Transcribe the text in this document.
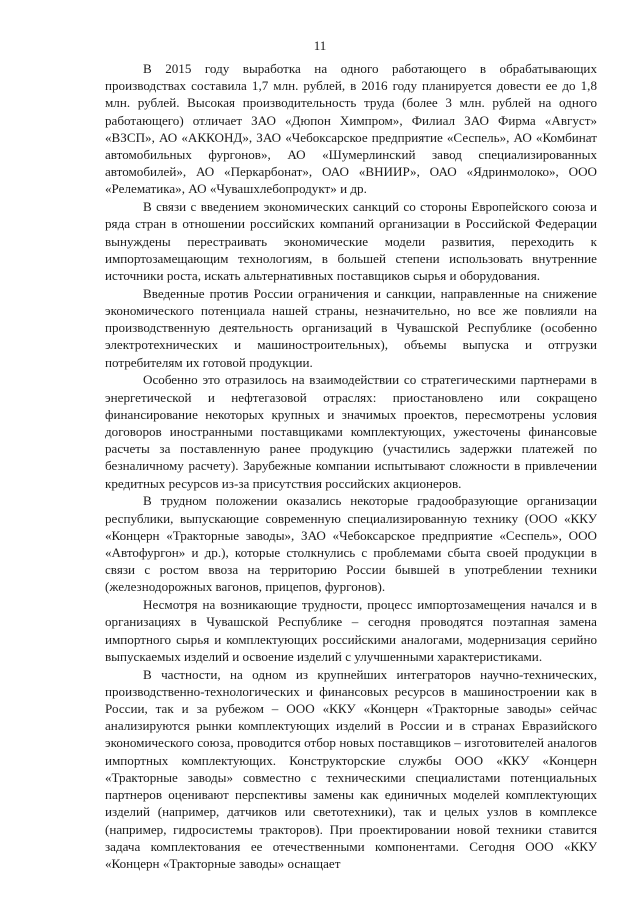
11

В 2015 году выработка на одного работающего в обрабатывающих производствах составила 1,7 млн. рублей, в 2016 году планируется довести ее до 1,8 млн. рублей. Высокая производительность труда (более 3 млн. рублей на одного работающего) отличает ЗАО «Дюпон Химпром», Филиал ЗАО Фирма «Август» «ВЗСП», АО «АККОНД», ЗАО «Чебоксарское предприятие «Сеспель», АО «Комбинат автомобильных фургонов», АО «Шумерлинский завод специализированных автомобилей», АО «Перкарбонат», ОАО «ВНИИР», ОАО «Ядринмолоко», ООО «Релематика», АО «Чувашхлебопродукт» и др.

В связи с введением экономических санкций со стороны Европейского союза и ряда стран в отношении российских компаний организации в Российской Федерации вынуждены перестраивать экономические модели развития, переходить к импортозамещающим технологиям, в большей степени использовать внутренние источники роста, искать альтернативных поставщиков сырья и оборудования.

Введенные против России ограничения и санкции, направленные на снижение экономического потенциала нашей страны, незначительно, но все же повлияли на производственную деятельность организаций в Чувашской Республике (особенно электротехнических и машиностроительных), объемы выпуска и отгрузки потребителям их готовой продукции.

Особенно это отразилось на взаимодействии со стратегическими партнерами в энергетической и нефтегазовой отраслях: приостановлено или сокращено финансирование некоторых крупных и значимых проектов, пересмотрены условия договоров иностранными поставщиками комплектующих, ужесточены финансовые расчеты за поставленную ранее продукцию (участились задержки платежей по безналичному расчету). Зарубежные компании испытывают сложности в привлечении кредитных ресурсов из-за присутствия российских акционеров.

В трудном положении оказались некоторые градообразующие организации республики, выпускающие современную специализированную технику (ООО «ККУ «Концерн «Тракторные заводы», ЗАО «Чебоксарское предприятие «Сеспель», ООО «Автофургон» и др.), которые столкнулись с проблемами сбыта своей продукции в связи с ростом ввоза на территорию России бывшей в употреблении техники (железнодорожных вагонов, прицепов, фургонов).

Несмотря на возникающие трудности, процесс импортозамещения начался и в организациях в Чувашской Республике – сегодня проводятся поэтапная замена импортного сырья и комплектующих российскими аналогами, модернизация серийно выпускаемых изделий и освоение изделий с улучшенными характеристиками.

В частности, на одном из крупнейших интеграторов научно-технических, производственно-технологических и финансовых ресурсов в машиностроении как в России, так и за рубежом – ООО «ККУ «Концерн «Тракторные заводы» сейчас анализируются рынки комплектующих изделий в России и в странах Евразийского экономического союза, проводится отбор новых поставщиков – изготовителей аналогов импортных комплектующих. Конструкторские службы ООО «ККУ «Концерн «Тракторные заводы» совместно с техническими специалистами потенциальных партнеров оценивают перспективы замены как единичных моделей комплектующих изделий (например, датчиков или светотехники), так и целых узлов в комплексе (например, гидросистемы тракторов). При проектировании новой техники ставится задача комплектования ее отечественными компонентами. Сегодня ООО «ККУ «Концерн «Тракторные заводы» оснащает
